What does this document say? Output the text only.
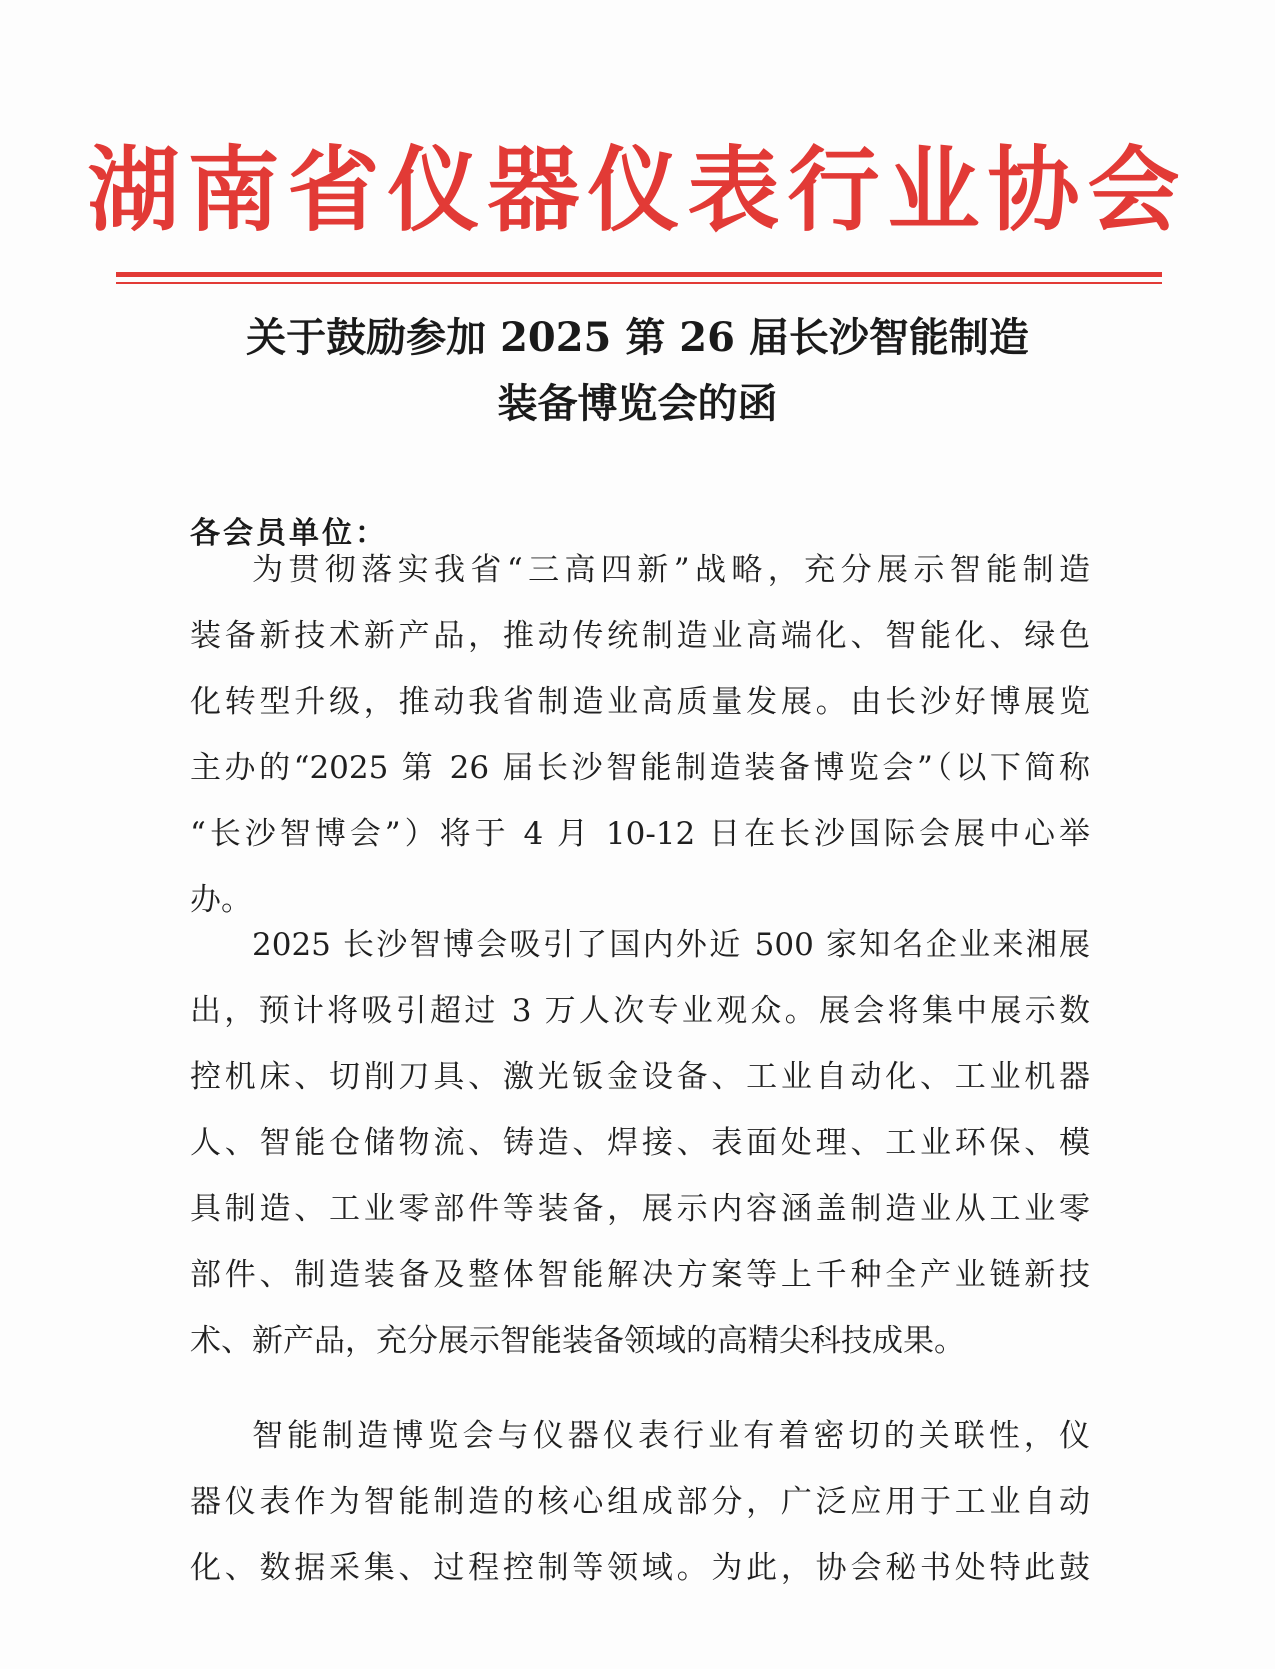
湖南省仪器仪表行业协会
关于鼓励参加 2025 第 26 届长沙智能制造
装备博览会的函
各会员单位：
为贯彻落实我省“三高四新”战略，充分展示智能制造
装备新技术新产品，推动传统制造业高端化、智能化、绿色
化转型升级，推动我省制造业高质量发展。由长沙好博展览
主办的“2025 第 26 届长沙智能制造装备博览会”（以下简称
“长沙智博会”）将于 4 月 10-12 日在长沙国际会展中心举
办。
2025 长沙智博会吸引了国内外近 500 家知名企业来湘展
出，预计将吸引超过 3 万人次专业观众。展会将集中展示数
控机床、切削刀具、激光钣金设备、工业自动化、工业机器
人、智能仓储物流、铸造、焊接、表面处理、工业环保、模
具制造、工业零部件等装备，展示内容涵盖制造业从工业零
部件、制造装备及整体智能解决方案等上千种全产业链新技
术、新产品，充分展示智能装备领域的高精尖科技成果。
智能制造博览会与仪器仪表行业有着密切的关联性，仪
器仪表作为智能制造的核心组成部分，广泛应用于工业自动
化、数据采集、过程控制等领域。为此，协会秘书处特此鼓
